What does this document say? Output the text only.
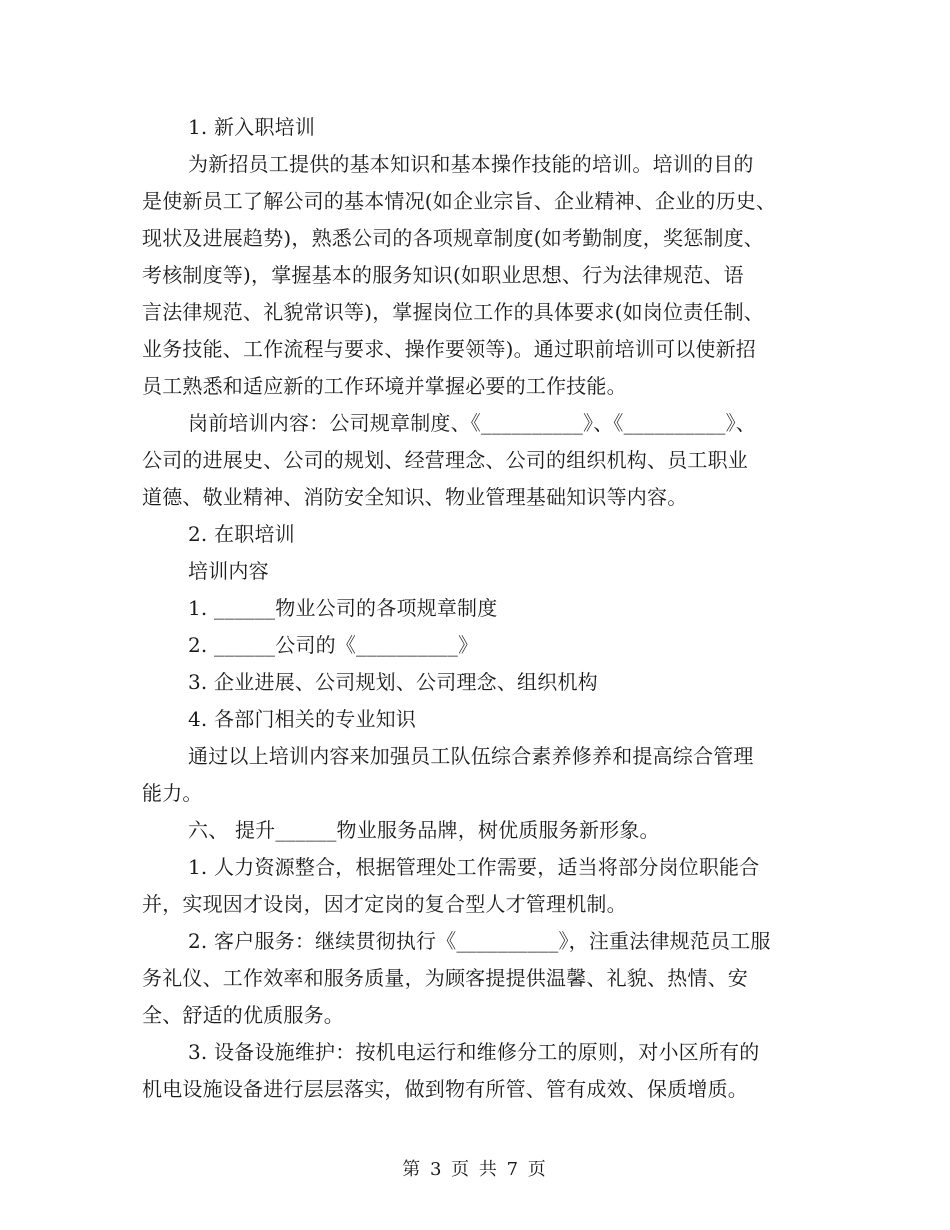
1. 新入职培训
为新招员工提供的基本知识和基本操作技能的培训。培训的目的
是使新员工了解公司的基本情况(如企业宗旨、企业精神、企业的历史、
现状及进展趋势)，熟悉公司的各项规章制度(如考勤制度，奖惩制度、
考核制度等)，掌握基本的服务知识(如职业思想、行为法律规范、语
言法律规范、礼貌常识等)，掌握岗位工作的具体要求(如岗位责任制、
业务技能、工作流程与要求、操作要领等)。通过职前培训可以使新招
员工熟悉和适应新的工作环境并掌握必要的工作技能。
岗前培训内容：公司规章制度、《__________》、《__________》、
公司的进展史、公司的规划、经营理念、公司的组织机构、员工职业
道德、敬业精神、消防安全知识、物业管理基础知识等内容。
2. 在职培训
培训内容
1. ______物业公司的各项规章制度
2. ______公司的《__________》
3. 企业进展、公司规划、公司理念、组织机构
4. 各部门相关的专业知识
通过以上培训内容来加强员工队伍综合素养修养和提高综合管理
能力。
六、 提升______物业服务品牌，树优质服务新形象。
1. 人力资源整合，根据管理处工作需要，适当将部分岗位职能合
并，实现因才设岗，因才定岗的复合型人才管理机制。
2. 客户服务：继续贯彻执行《__________》，注重法律规范员工服
务礼仪、工作效率和服务质量，为顾客提提供温馨、礼貌、热情、安
全、舒适的优质服务。
3. 设备设施维护：按机电运行和维修分工的原则，对小区所有的
机电设施设备进行层层落实，做到物有所管、管有成效、保质增质。
第 3 页 共 7 页
